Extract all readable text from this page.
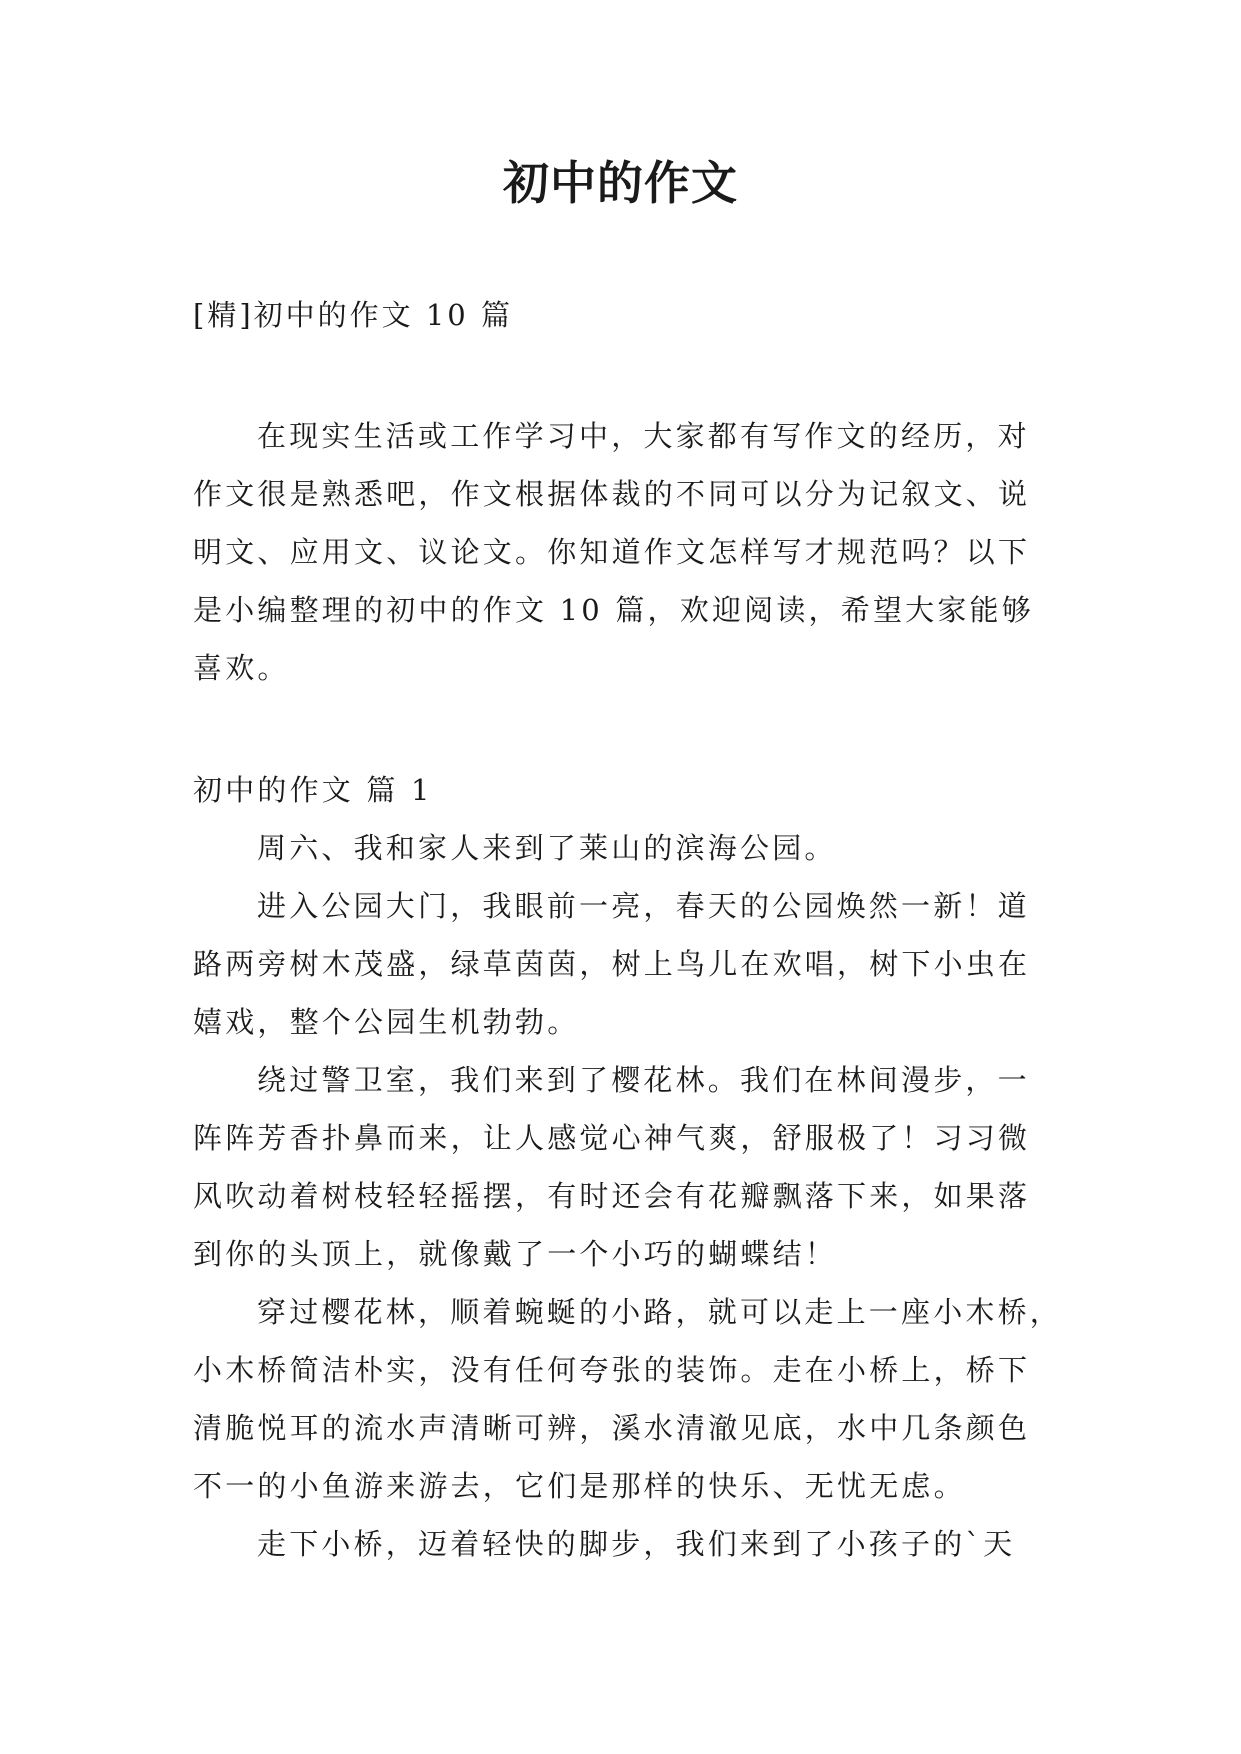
初中的作文

[精]初中的作文 10 篇

在现实生活或工作学习中，大家都有写作文的经历，对
作文很是熟悉吧，作文根据体裁的不同可以分为记叙文、说
明文、应用文、议论文。你知道作文怎样写才规范吗？以下
是小编整理的初中的作文 10 篇，欢迎阅读，希望大家能够
喜欢。
初中的作文 篇 1
周六、我和家人来到了莱山的滨海公园。
进入公园大门，我眼前一亮，春天的公园焕然一新！道
路两旁树木茂盛，绿草茵茵，树上鸟儿在欢唱，树下小虫在
嬉戏，整个公园生机勃勃。
绕过警卫室，我们来到了樱花林。我们在林间漫步，一
阵阵芳香扑鼻而来，让人感觉心神气爽，舒服极了！习习微
风吹动着树枝轻轻摇摆，有时还会有花瓣飘落下来，如果落
到你的头顶上，就像戴了一个小巧的蝴蝶结！
穿过樱花林，顺着蜿蜒的小路，就可以走上一座小木桥，
小木桥简洁朴实，没有任何夸张的装饰。走在小桥上，桥下
清脆悦耳的流水声清晰可辨，溪水清澈见底，水中几条颜色
不一的小鱼游来游去，它们是那样的快乐、无忧无虑。
走下小桥，迈着轻快的脚步，我们来到了小孩子的`天
